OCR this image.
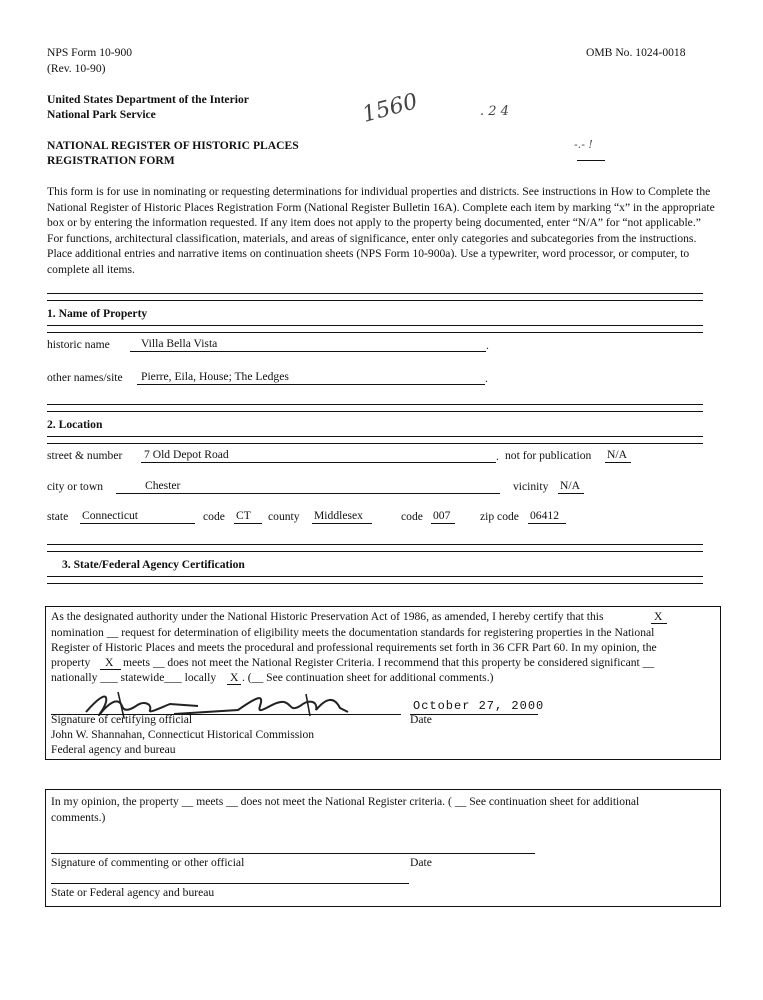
NPS Form 10-900
(Rev. 10-90)
OMB No. 1024-0018
United States Department of the Interior
National Park Service
NATIONAL REGISTER OF HISTORIC PLACES
REGISTRATION FORM
1560	. 2 4
-.- !
This form is for use in nominating or requesting determinations for individual properties and districts. See instructions in How to Complete the National Register of Historic Places Registration Form (National Register Bulletin 16A). Complete each item by marking “x” in the appropriate box or by entering the information requested. If any item does not apply to the property being documented, enter “N/A” for “not applicable.” For functions, architectural classification, materials, and areas of significance, enter only categories and subcategories from the instructions. Place additional entries and narrative items on continuation sheets (NPS Form 10-900a). Use a typewriter, word processor, or computer, to complete all items.
1. Name of Property
historic name	Villa Bella Vista	.
other names/site Pierre, Eila, House; The Ledges	.
2. Location
street & number 7 Old Depot Road	. not for publication N/A
city or town	Chester	vicinity N/A
state Connecticut	code CT county Middlesex	code 007	zip code 06412
3. State/Federal Agency Certification
As the designated authority under the National Historic Preservation Act of 1986, as amended, I hereby certify that this	X
nomination __ request for determination of eligibility meets the documentation standards for registering properties in the National
Register of Historic Places and meets the procedural and professional requirements set forth in 36 CFR Part 60. In my opinion, the
property X meets __ does not meet the National Register Criteria. I recommend that this property be considered significant __
nationally ___ statewide___ locally X . (__ See continuation sheet for additional comments.)
October 27, 2000
Signature of certifying official	Date
John W. Shannahan, Connecticut Historical Commission
Federal agency and bureau
In my opinion, the property __ meets __ does not meet the National Register criteria. ( __ See continuation sheet for additional
comments.)
Signature of commenting or other official	Date
State or Federal agency and bureau
